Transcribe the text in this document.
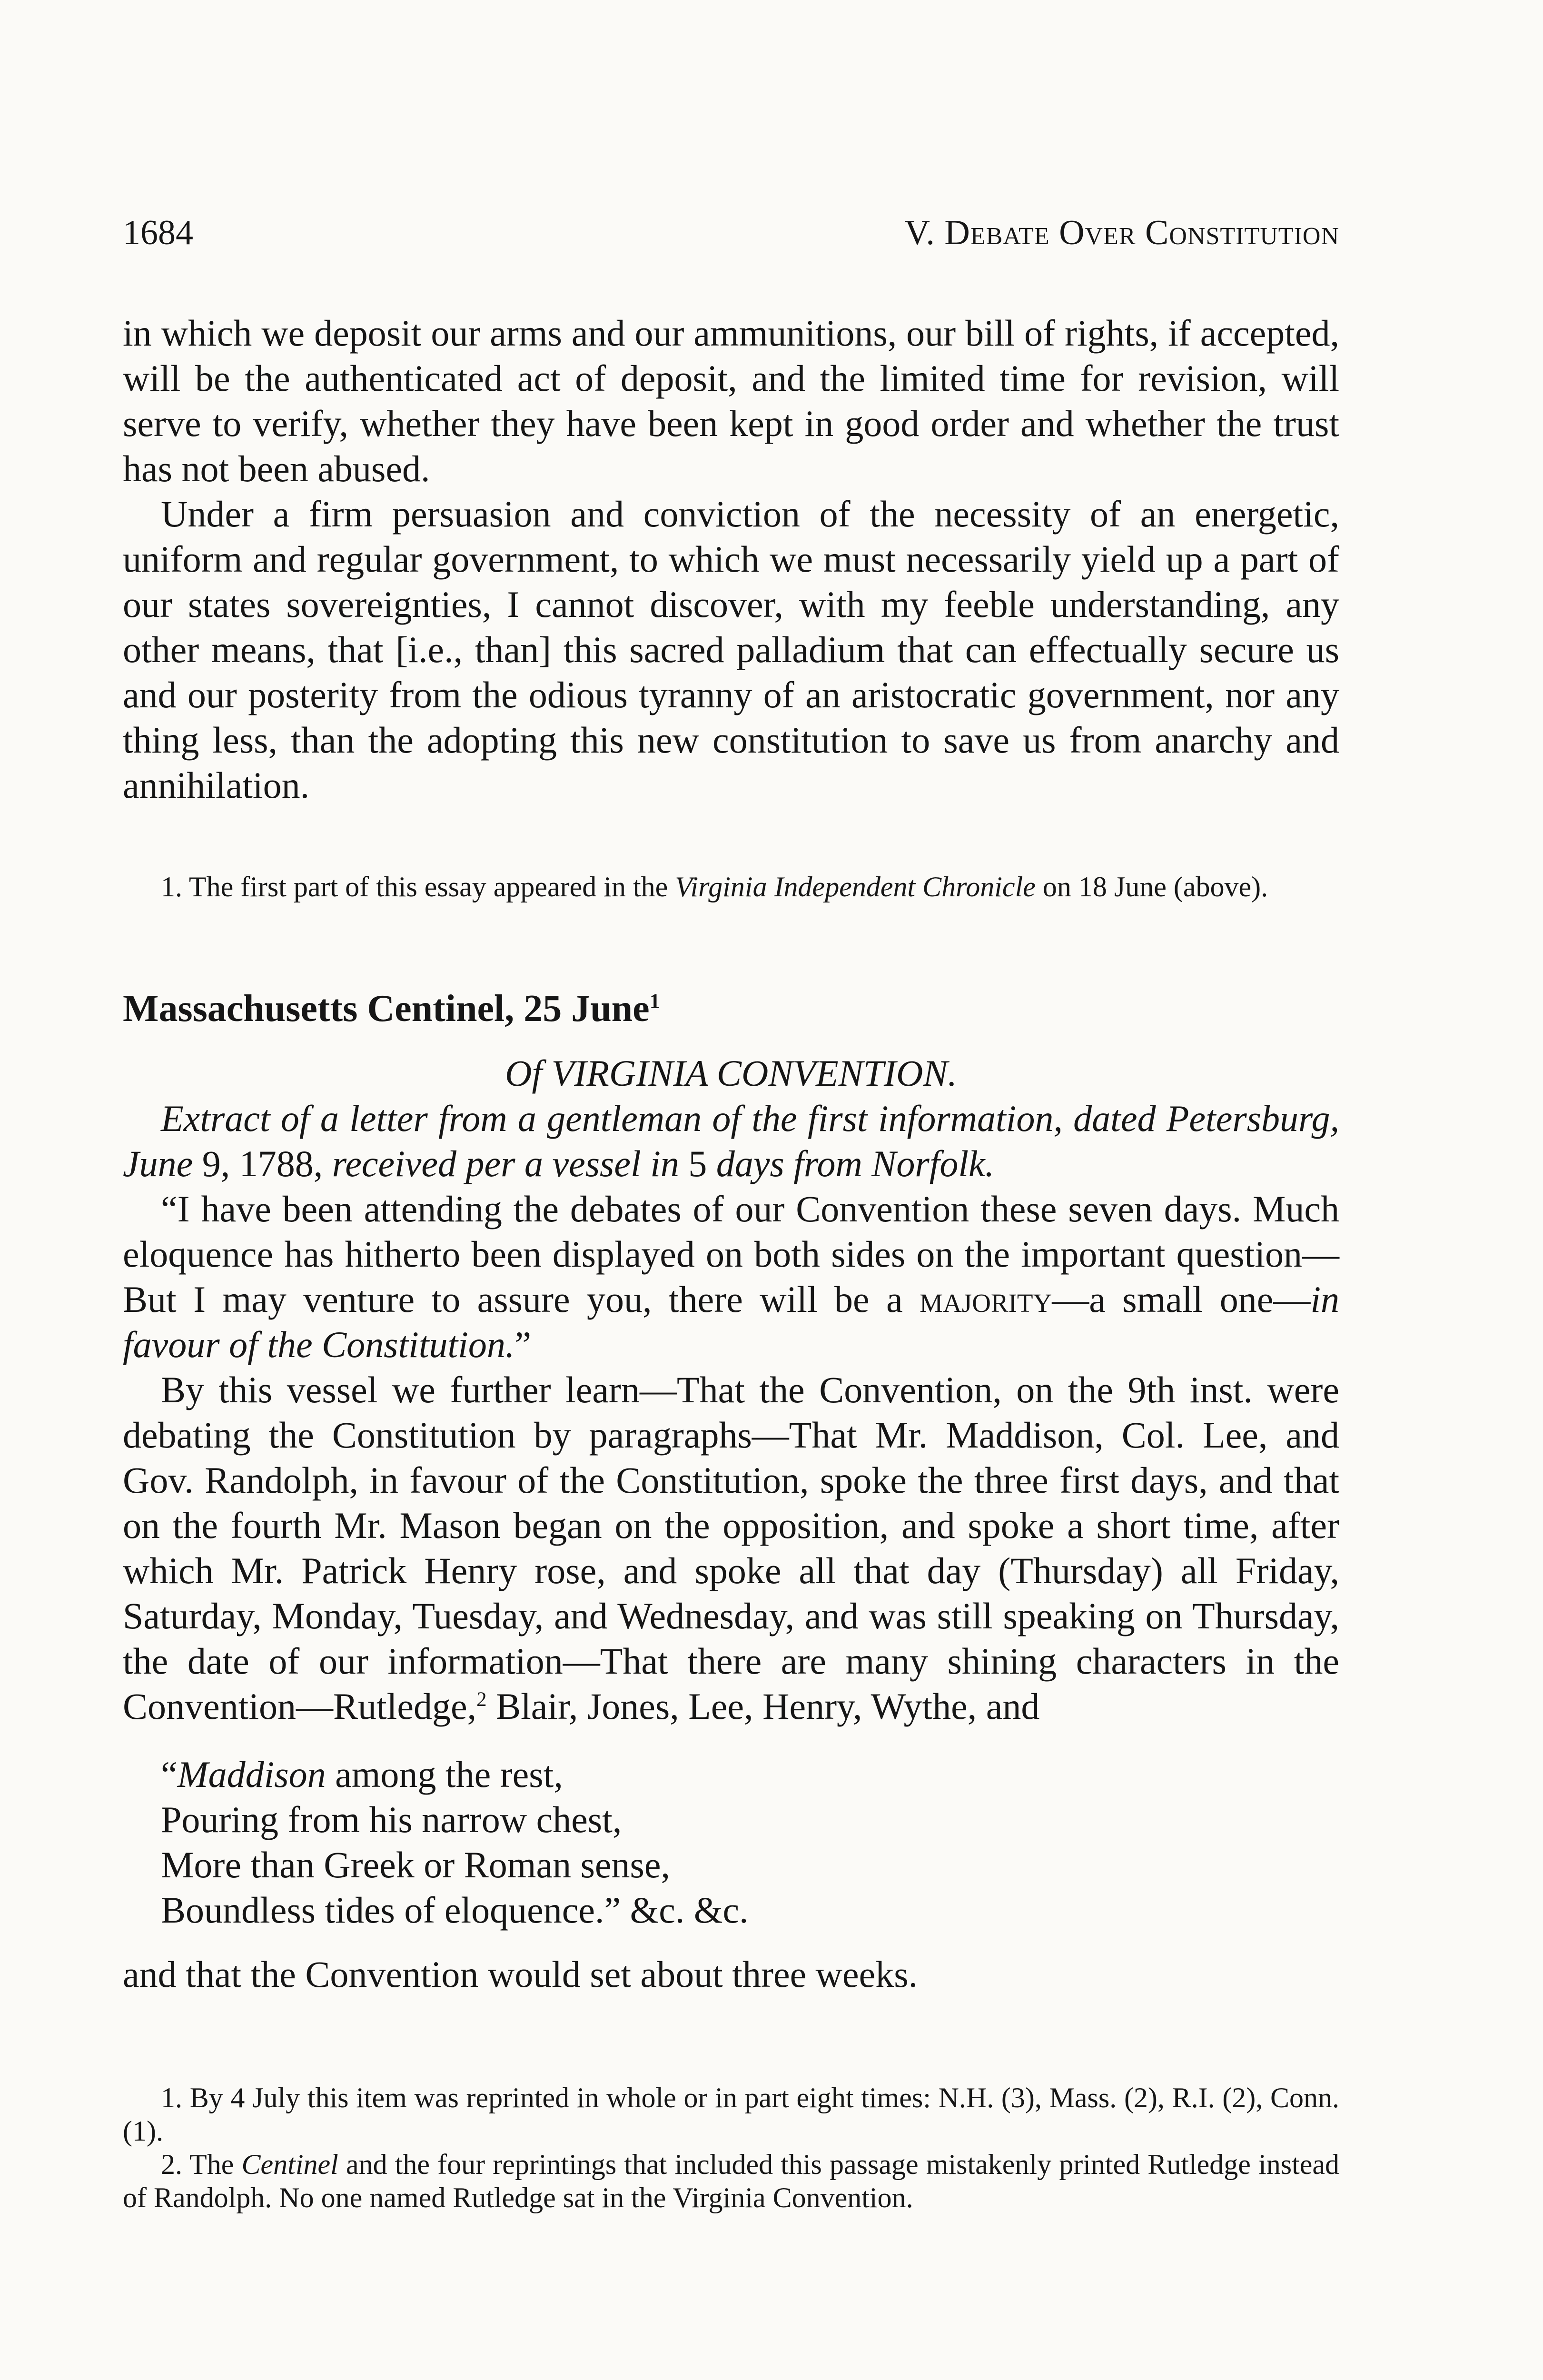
1684	V. Debate Over Constitution

in which we deposit our arms and our ammunitions, our bill of rights, if accepted, will be the authenticated act of deposit, and the limited time for revision, will serve to verify, whether they have been kept in good order and whether the trust has not been abused.

Under a firm persuasion and conviction of the necessity of an energetic, uniform and regular government, to which we must necessarily yield up a part of our states sovereignties, I cannot discover, with my feeble understanding, any other means, that [i.e., than] this sacred palladium that can effectually secure us and our posterity from the odious tyranny of an aristocratic government, nor any thing less, than the adopting this new constitution to save us from anarchy and annihilation.

1. The first part of this essay appeared in the Virginia Independent Chronicle on 18 June (above).

Massachusetts Centinel, 25 June$^1$

Of VIRGINIA CONVENTION.

Extract of a letter from a gentleman of the first information, dated Petersburg, June 9, 1788, received per a vessel in 5 days from Norfolk.

“I have been attending the debates of our Convention these seven days. Much eloquence has hitherto been displayed on both sides on the important question—But I may venture to assure you, there will be a majority—a small one—in favour of the Constitution.”

By this vessel we further learn—That the Convention, on the 9th inst. were debating the Constitution by paragraphs—That Mr. Maddison, Col. Lee, and Gov. Randolph, in favour of the Constitution, spoke the three first days, and that on the fourth Mr. Mason began on the opposition, and spoke a short time, after which Mr. Patrick Henry rose, and spoke all that day (Thursday) all Friday, Saturday, Monday, Tuesday, and Wednesday, and was still speaking on Thursday, the date of our information—That there are many shining characters in the Convention—Rutledge,$^2$ Blair, Jones, Lee, Henry, Wythe, and

“Maddison among the rest,
Pouring from his narrow chest,
More than Greek or Roman sense,
Boundless tides of eloquence.” &c. &c.

and that the Convention would set about three weeks.

1. By 4 July this item was reprinted in whole or in part eight times: N.H. (3), Mass. (2), R.I. (2), Conn. (1).

2. The Centinel and the four reprintings that included this passage mistakenly printed Rutledge instead of Randolph. No one named Rutledge sat in the Virginia Convention.
